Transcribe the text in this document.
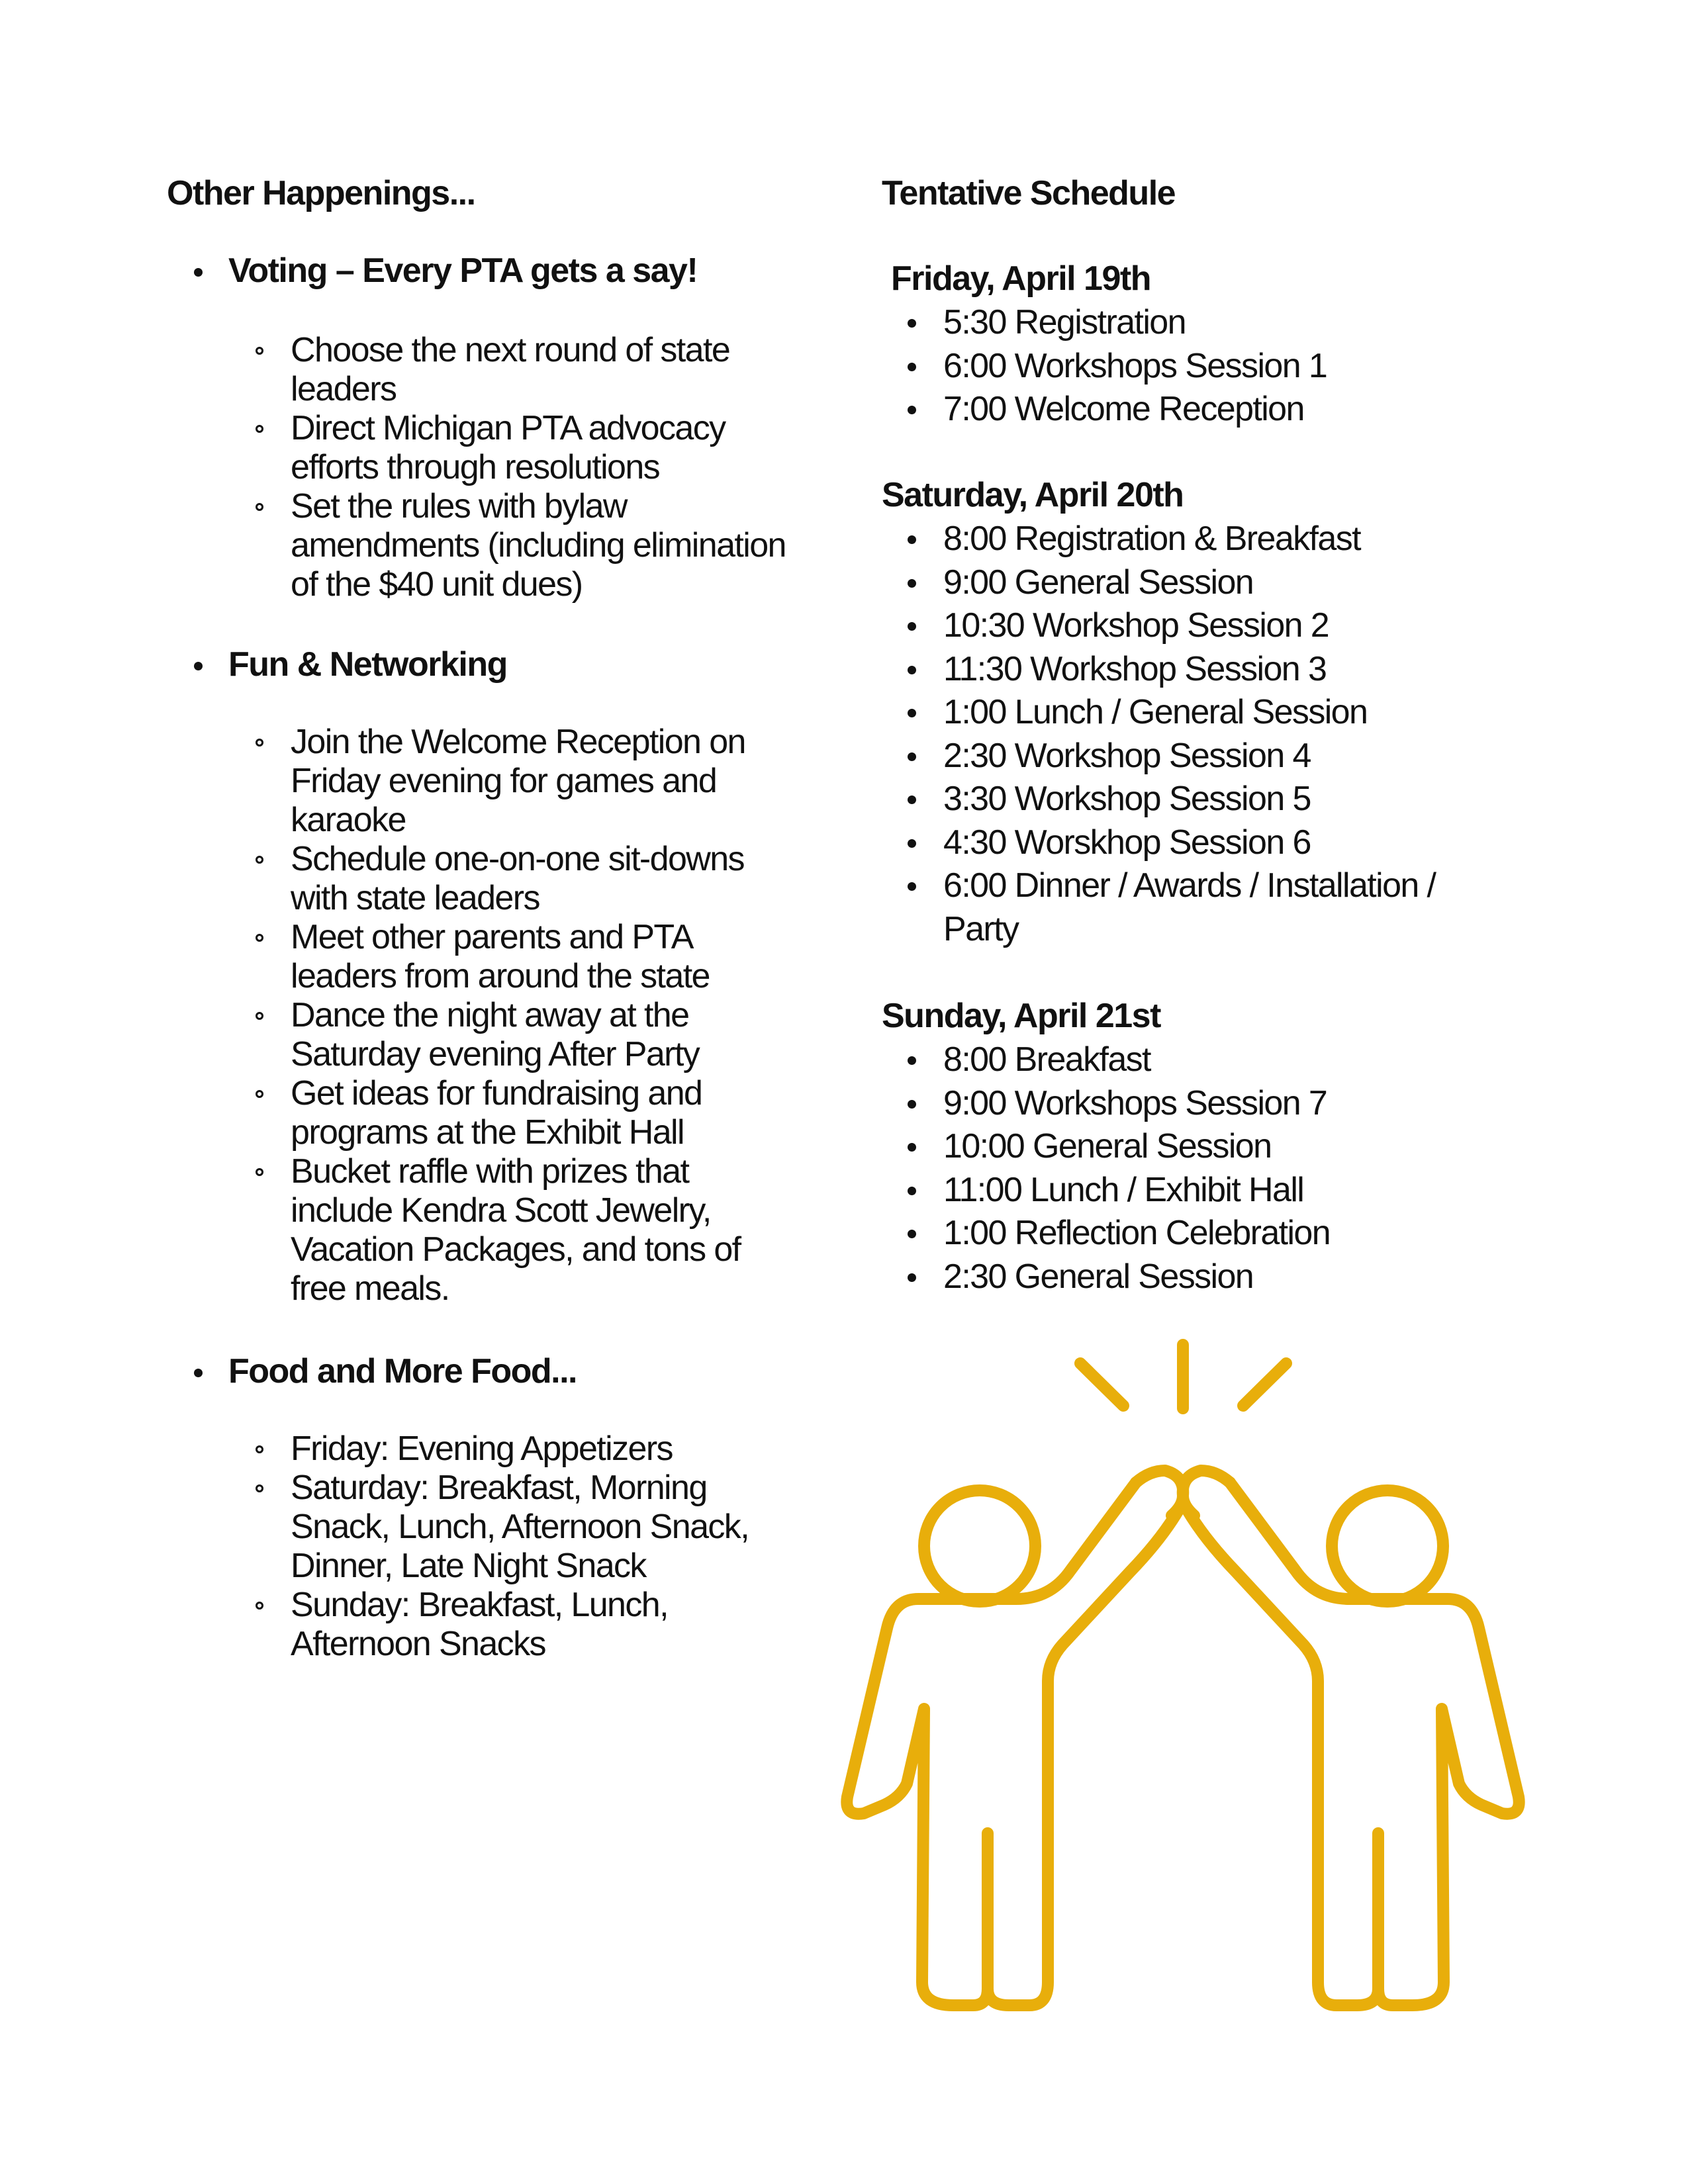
Other Happenings...
Voting – Every PTA gets a say!
Choose the next round of state leaders
Direct Michigan PTA advocacy efforts through resolutions
Set the rules with bylaw amendments (including elimination of the $40 unit dues)
Fun & Networking
Join the Welcome Reception on Friday evening for games and karaoke
Schedule one-on-one sit-downs with state leaders
Meet other parents and PTA leaders from around the state
Dance the night away at the Saturday evening After Party
Get ideas for fundraising and programs at the Exhibit Hall
Bucket raffle with prizes that include Kendra Scott Jewelry, Vacation Packages, and tons of free meals.
Food and More Food...
Friday: Evening Appetizers
Saturday: Breakfast, Morning Snack, Lunch, Afternoon Snack, Dinner, Late Night Snack
Sunday: Breakfast, Lunch, Afternoon Snacks
Tentative Schedule
Friday, April 19th
5:30 Registration
6:00 Workshops Session 1
7:00 Welcome Reception
Saturday, April 20th
8:00 Registration & Breakfast
9:00 General Session
10:30 Workshop Session 2
11:30 Workshop Session 3
1:00 Lunch / General Session
2:30 Workshop Session 4
3:30 Workshop Session 5
4:30 Worskhop Session 6
6:00 Dinner / Awards / Installation / Party
Sunday, April 21st
8:00 Breakfast
9:00 Workshops Session 7
10:00 General Session
11:00 Lunch / Exhibit Hall
1:00 Reflection Celebration
2:30 General Session
